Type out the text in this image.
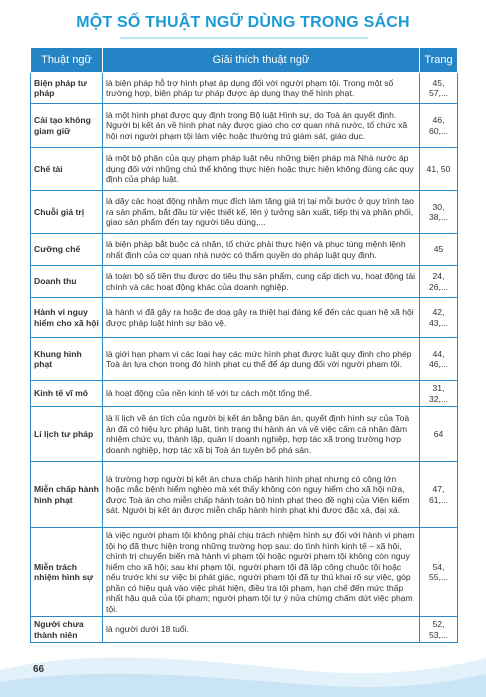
MỘT SỐ THUẬT NGỮ DÙNG TRONG SÁCH
Thuật ngữ	Giải thích thuật ngữ	Trang
Biện pháp tư pháp	là biện pháp hỗ trợ hình phạt áp dụng đối với người phạm tội. Trong một số trường hợp, biện pháp tư pháp được áp dụng thay thế hình phạt.	45, 57,...
Cải tạo không giam giữ	là một hình phạt được quy định trong Bộ luật Hình sự, do Toà án quyết định. Người bị kết án về hình phạt này được giao cho cơ quan nhà nước, tổ chức xã hội nơi người phạm tội làm việc hoặc thường trú giám sát, giáo dục.	46, 60,...
Chế tài	là một bộ phận của quy phạm pháp luật nêu những biện pháp mà Nhà nước áp dụng đối với những chủ thể không thực hiện hoặc thực hiện không đúng các quy định của pháp luật.	41, 50
Chuỗi giá trị	là dãy các hoạt động nhằm mục đích làm tăng giá trị tại mỗi bước ở quy trình tạo ra sản phẩm, bắt đầu từ việc thiết kế, lên ý tưởng sản xuất, tiếp thị và phân phối, giao sản phẩm đến tay người tiêu dùng,...	30, 38,...
Cưỡng chế	là biện pháp bắt buộc cá nhân, tổ chức phải thực hiện và phục tùng mệnh lệnh nhất định của cơ quan nhà nước có thẩm quyền do pháp luật quy định.	45
Doanh thu	là toàn bộ số tiền thu được do tiêu thụ sản phẩm, cung cấp dịch vụ, hoạt động tài chính và các hoạt động khác của doanh nghiệp.	24, 26,...
Hành vi nguy hiểm cho xã hội	là hành vi đã gây ra hoặc đe doạ gây ra thiệt hại đáng kể đến các quan hệ xã hội được pháp luật hình sự bảo vệ.	42, 43,...
Khung hình phạt	là giới hạn phạm vi các loại hay các mức hình phạt được luật quy định cho phép Toà án lựa chọn trong đó hình phạt cụ thể để áp dụng đối với người phạm tội.	44, 46,...
Kinh tế vĩ mô	là hoạt động của nền kinh tế với tư cách một tổng thể.	31, 32,...
Lí lịch tư pháp	là lí lịch về án tích của người bị kết án bằng bản án, quyết định hình sự của Toà án đã có hiệu lực pháp luật, tình trạng thi hành án và về việc cấm cá nhân đảm nhiệm chức vụ, thành lập, quản lí doanh nghiệp, hợp tác xã trong trường hợp doanh nghiệp, hợp tác xã bị Toà án tuyên bố phá sản.	64
Miễn chấp hành hình phạt	là trường hợp người bị kết án chưa chấp hành hình phạt nhưng có công lớn hoặc mắc bệnh hiểm nghèo mà xét thấy không còn nguy hiểm cho xã hội nữa, được Toà án cho miễn chấp hành toàn bộ hình phạt theo đề nghị của Viện kiểm sát. Người bị kết án được miễn chấp hành hình phạt khi được đặc xá, đại xá.	47, 61,...
Miễn trách nhiệm hình sự	là việc người phạm tội không phải chịu trách nhiệm hình sự đối với hành vi phạm tội họ đã thực hiện trong những trường hợp sau: do tình hình kinh tế – xã hội, chính trị chuyển biến mà hành vi phạm tội hoặc người phạm tội không còn nguy hiểm cho xã hội; sau khi phạm tội, người phạm tội đã lập công chuộc tội hoặc nếu trước khi sự việc bị phát giác, người phạm tội đã tự thú khai rõ sự việc, góp phần có hiệu quả vào việc phát hiện, điều tra tội phạm, hạn chế đến mức thấp nhất hậu quả của tội phạm; người phạm tội tự ý nửa chừng chấm dứt việc phạm tội.	54, 55,...
Người chưa thành niên	là người dưới 18 tuổi.	52, 53,...
66
